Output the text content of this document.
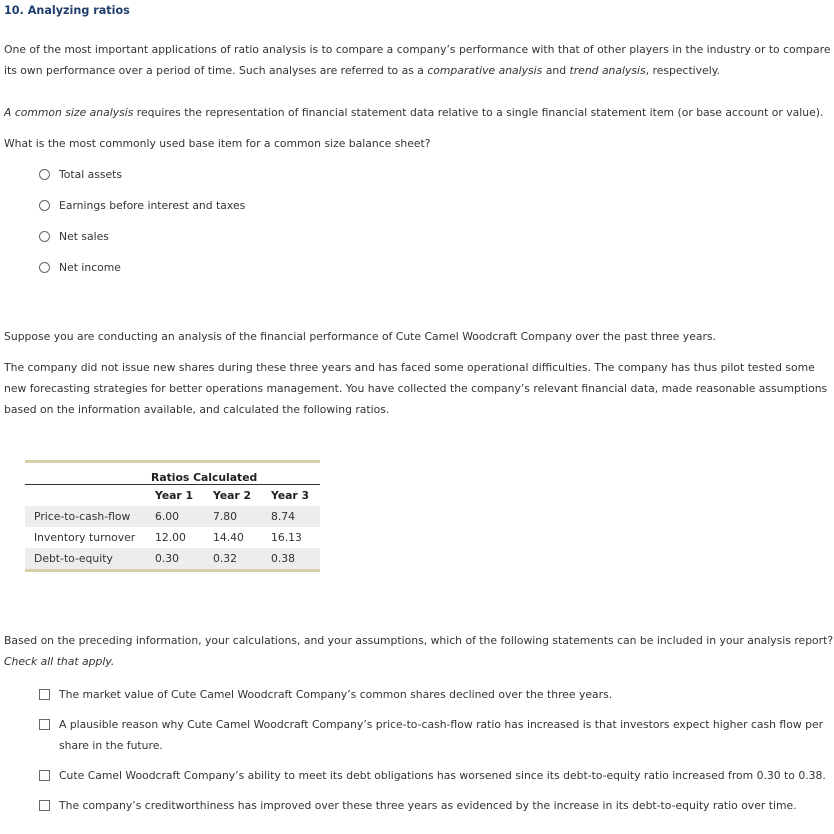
10. Analyzing ratios

One of the most important applications of ratio analysis is to compare a company’s performance with that of other players in the industry or to compare its own performance over a period of time. Such analyses are referred to as a comparative analysis and trend analysis, respectively.

A common size analysis requires the representation of financial statement data relative to a single financial statement item (or base account or value).

What is the most commonly used base item for a common size balance sheet?

Total assets
Earnings before interest and taxes
Net sales
Net income

Suppose you are conducting an analysis of the financial performance of Cute Camel Woodcraft Company over the past three years.

The company did not issue new shares during these three years and has faced some operational difficulties. The company has thus pilot tested some new forecasting strategies for better operations management. You have collected the company’s relevant financial data, made reasonable assumptions based on the information available, and calculated the following ratios.

Ratios Calculated			
	Year 1	Year 2	Year 3
Price-to-cash-flow	6.00	7.80	8.74
Inventory turnover	12.00	14.40	16.13
Debt-to-equity	0.30	0.32	0.38

Based on the preceding information, your calculations, and your assumptions, which of the following statements can be included in your analysis report? Check all that apply.

The market value of Cute Camel Woodcraft Company’s common shares declined over the three years.
A plausible reason why Cute Camel Woodcraft Company’s price-to-cash-flow ratio has increased is that investors expect higher cash flow per share in the future.
Cute Camel Woodcraft Company’s ability to meet its debt obligations has worsened since its debt-to-equity ratio increased from 0.30 to 0.38.
The company’s creditworthiness has improved over these three years as evidenced by the increase in its debt-to-equity ratio over time.
